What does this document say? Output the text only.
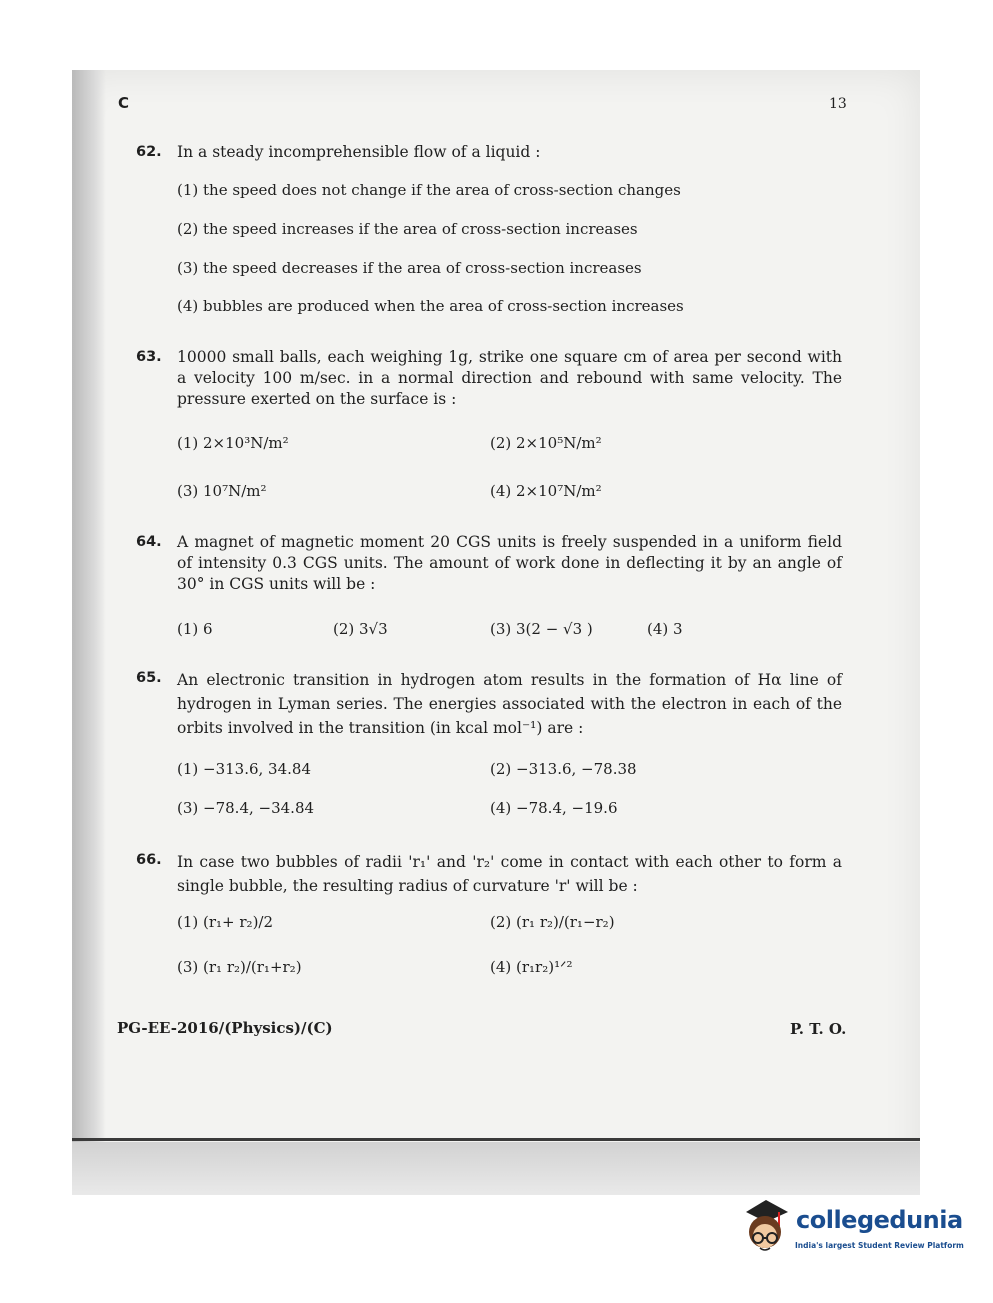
C	13
62. In a steady incomprehensible flow of a liquid :
(1) the speed does not change if the area of cross-section changes
(2) the speed increases if the area of cross-section increases
(3) the speed decreases if the area of cross-section increases
(4) bubbles are produced when the area of cross-section increases
63. 10000 small balls, each weighing 1g, strike one square cm of area per second with a velocity 100 m/sec. in a normal direction and rebound with same velocity. The pressure exerted on the surface is :
(1) 2×10³N/m²	(2) 2×10⁵N/m²
(3) 10⁷N/m²	(4) 2×10⁷N/m²
64. A magnet of magnetic moment 20 CGS units is freely suspended in a uniform field of intensity 0.3 CGS units. The amount of work done in deflecting it by an angle of 30° in CGS units will be :
(1) 6	(2) 3√3	(3) 3(2 − √3 )	(4) 3
65. An electronic transition in hydrogen atom results in the formation of Hα line of hydrogen in Lyman series. The energies associated with the electron in each of the orbits involved in the transition (in kcal mol⁻¹) are :
(1) −313.6, 34.84	(2) −313.6, −78.38
(3) −78.4, −34.84	(4) −78.4, −19.6
66. In case two bubbles of radii 'r₁' and 'r₂' come in contact with each other to form a single bubble, the resulting radius of curvature 'r' will be :
(1) (r₁+ r₂)/2	(2) (r₁ r₂)/(r₁−r₂)
(3) (r₁ r₂)/(r₁+r₂)	(4) (r₁r₂)¹ᐟ²
PG-EE-2016/(Physics)/(C)	P. T. O.
collegedunia
India's largest Student Review Platform
